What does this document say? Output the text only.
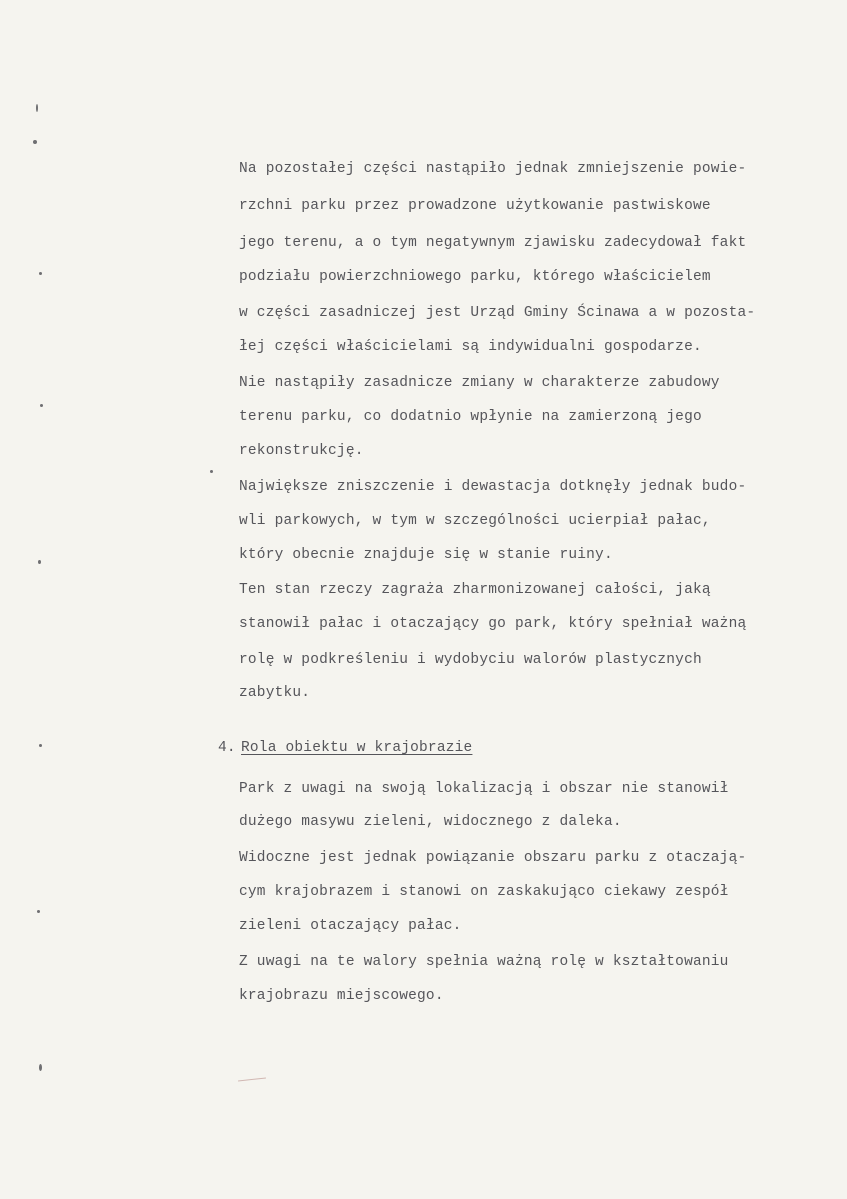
Na pozostałej części nastąpiło jednak zmniejszenie powie-
rzchni parku przez prowadzone użytkowanie pastwiskowe
jego terenu, a o tym negatywnym zjawisku zadecydował fakt
podziału powierzchniowego parku, którego właścicielem
w części zasadniczej jest Urząd Gminy Ścinawa a w pozosta-
łej części właścicielami są indywidualni gospodarze.
Nie nastąpiły zasadnicze zmiany w charakterze zabudowy
terenu parku, co dodatnio wpłynie na zamierzoną jego
rekonstrukcję.
Największe zniszczenie i dewastacja dotknęły jednak budo-
wli parkowych, w tym w szczególności ucierpiał pałac,
który obecnie znajduje się w stanie ruiny.
Ten stan rzeczy zagraża zharmonizowanej całości, jaką
stanowił pałac i otaczający go park, który spełniał ważną
rolę w podkreśleniu i wydobyciu walorów plastycznych
zabytku.
4. Rola obiektu w krajobrazie
Park z uwagi na swoją lokalizacją i obszar nie stanowił
dużego masywu zieleni, widocznego z daleka.
Widoczne jest jednak powiązanie obszaru parku z otaczają-
cym krajobrazem i stanowi on zaskakująco ciekawy zespół
zieleni otaczający pałac.
Z uwagi na te walory spełnia ważną rolę w kształtowaniu
krajobrazu miejscowego.
